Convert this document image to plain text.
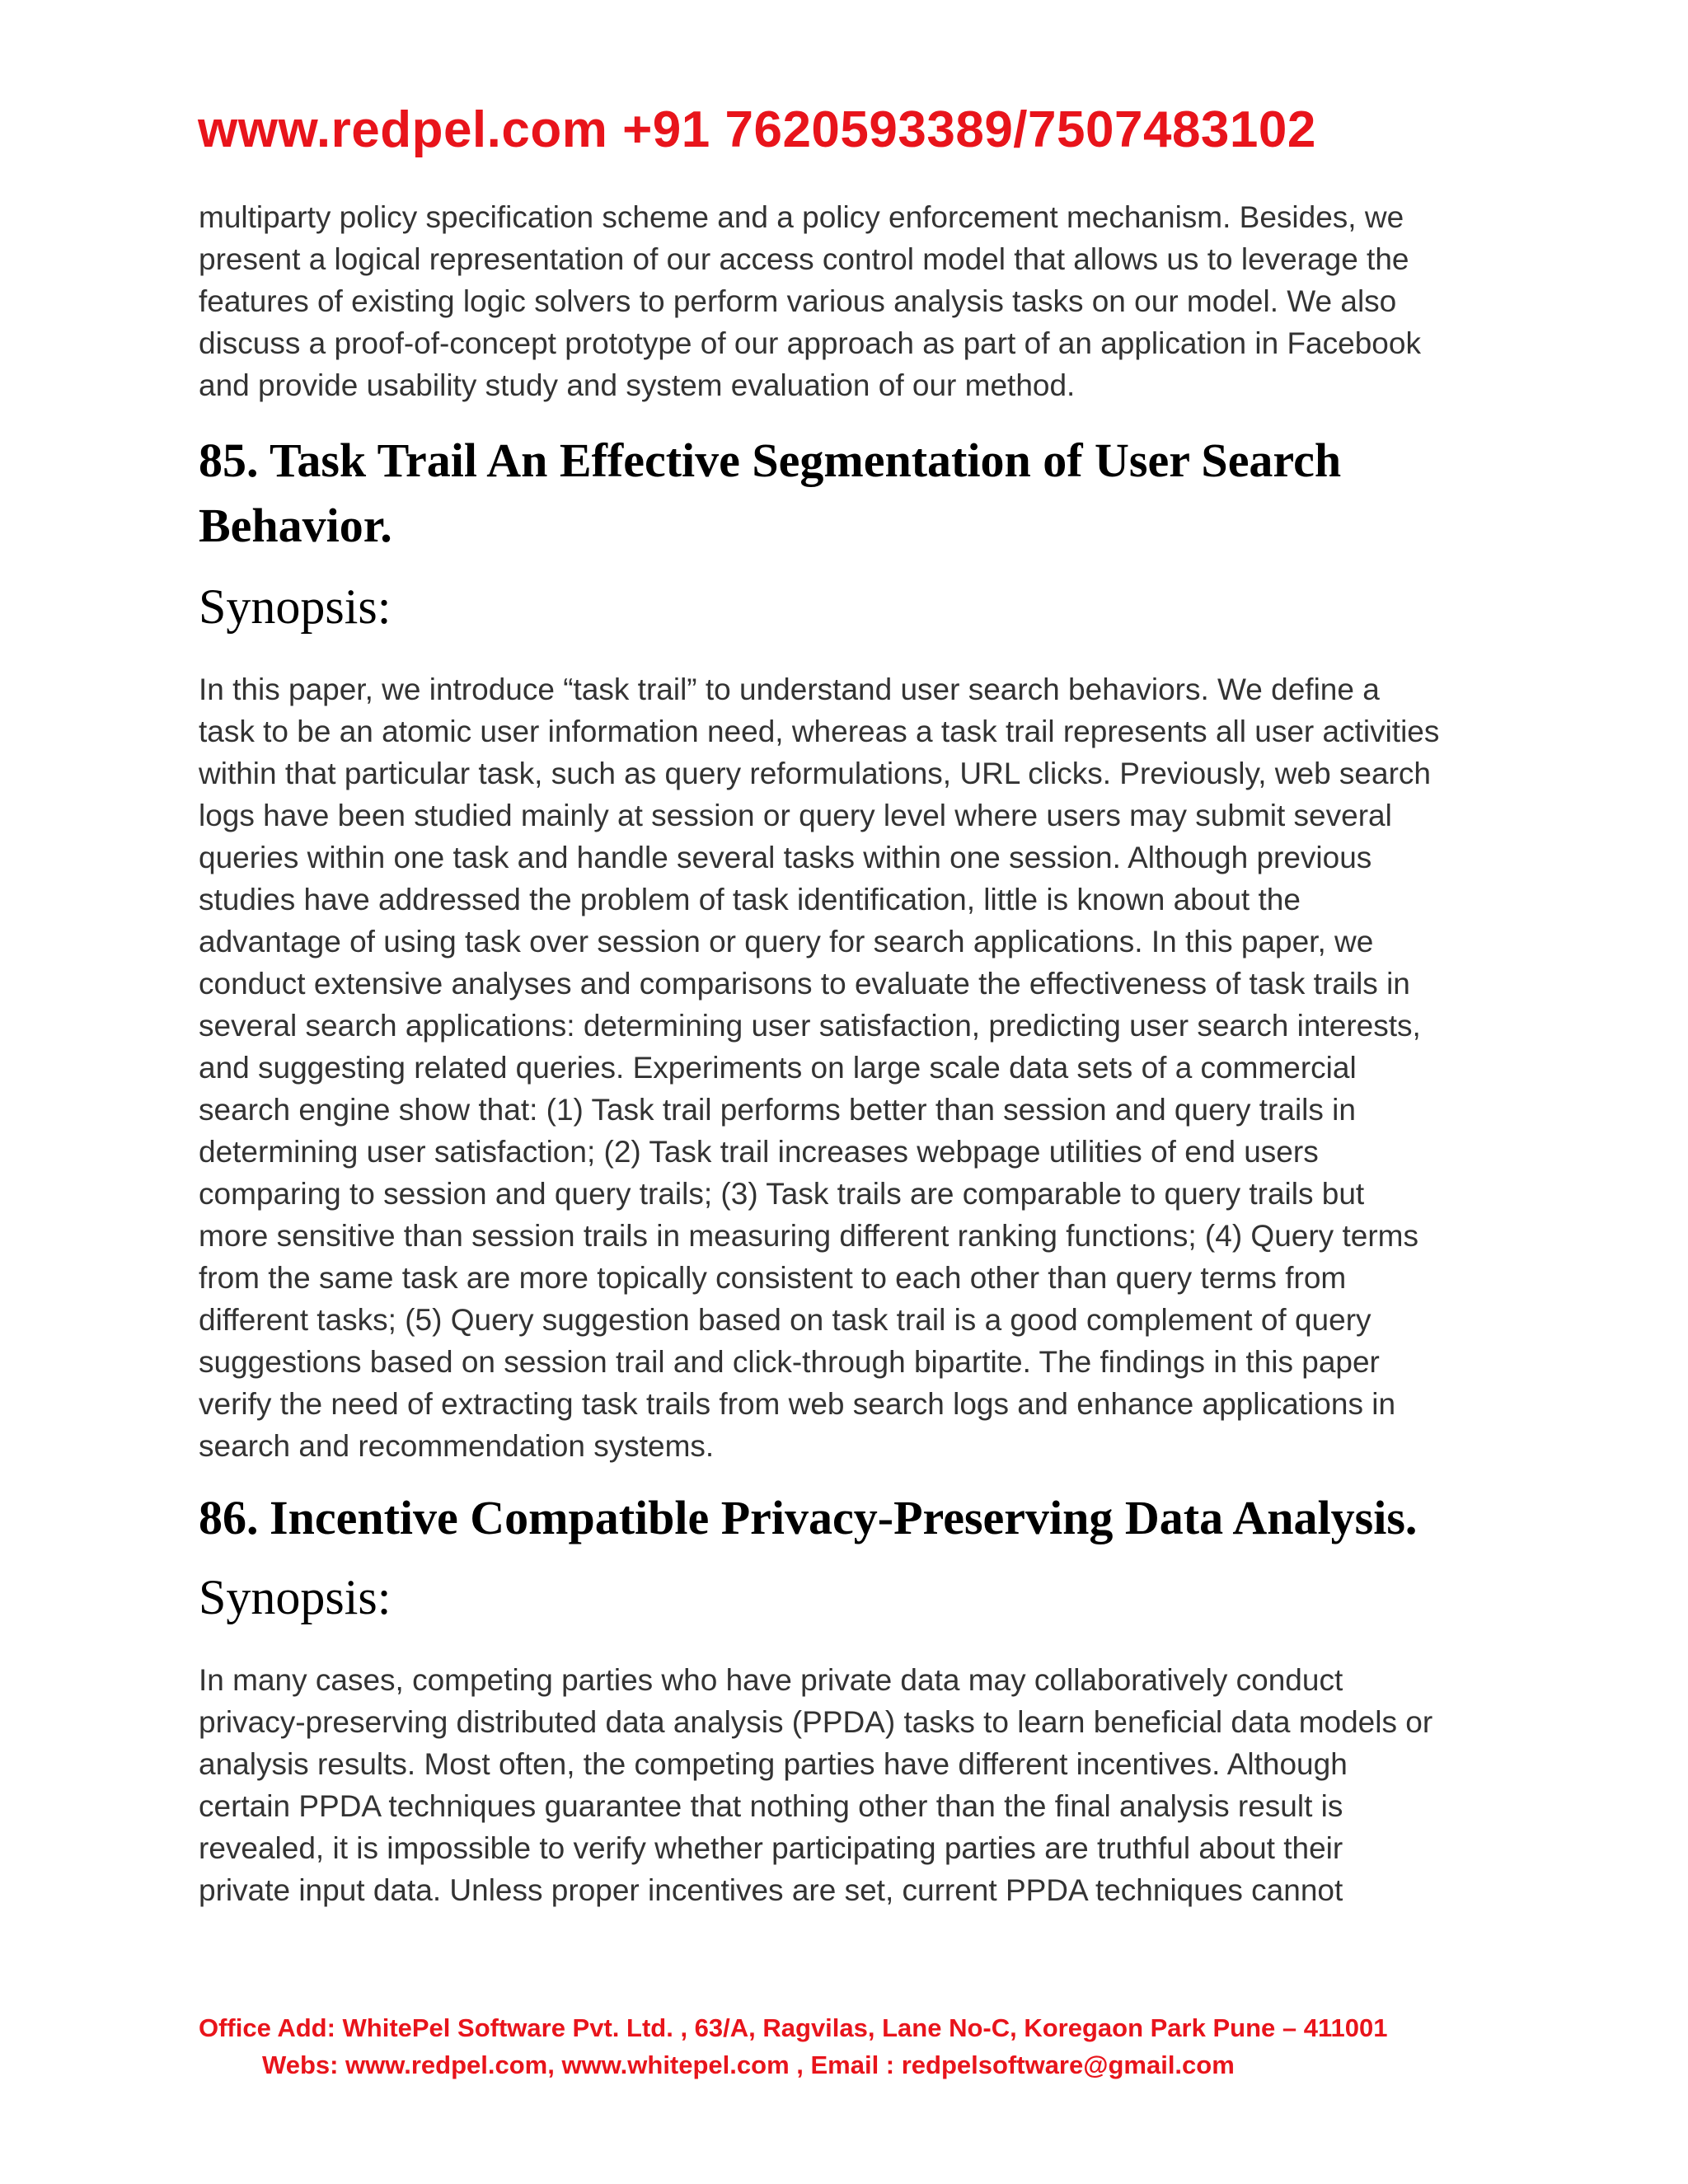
www.redpel.com +91 7620593389/7507483102
multiparty policy specification scheme and a policy enforcement mechanism. Besides, we
present a logical representation of our access control model that allows us to leverage the
features of existing logic solvers to perform various analysis tasks on our model. We also
discuss a proof-of-concept prototype of our approach as part of an application in Facebook
and provide usability study and system evaluation of our method.
85. Task Trail An Effective Segmentation of User Search
Behavior.
Synopsis:
In this paper, we introduce “task trail” to understand user search behaviors. We define a
task to be an atomic user information need, whereas a task trail represents all user activities
within that particular task, such as query reformulations, URL clicks. Previously, web search
logs have been studied mainly at session or query level where users may submit several
queries within one task and handle several tasks within one session. Although previous
studies have addressed the problem of task identification, little is known about the
advantage of using task over session or query for search applications. In this paper, we
conduct extensive analyses and comparisons to evaluate the effectiveness of task trails in
several search applications: determining user satisfaction, predicting user search interests,
and suggesting related queries. Experiments on large scale data sets of a commercial
search engine show that: (1) Task trail performs better than session and query trails in
determining user satisfaction; (2) Task trail increases webpage utilities of end users
comparing to session and query trails; (3) Task trails are comparable to query trails but
more sensitive than session trails in measuring different ranking functions; (4) Query terms
from the same task are more topically consistent to each other than query terms from
different tasks; (5) Query suggestion based on task trail is a good complement of query
suggestions based on session trail and click-through bipartite. The findings in this paper
verify the need of extracting task trails from web search logs and enhance applications in
search and recommendation systems.
86. Incentive Compatible Privacy-Preserving Data Analysis.
Synopsis:
In many cases, competing parties who have private data may collaboratively conduct
privacy-preserving distributed data analysis (PPDA) tasks to learn beneficial data models or
analysis results. Most often, the competing parties have different incentives. Although
certain PPDA techniques guarantee that nothing other than the final analysis result is
revealed, it is impossible to verify whether participating parties are truthful about their
private input data. Unless proper incentives are set, current PPDA techniques cannot
Office Add: WhitePel Software Pvt. Ltd. , 63/A, Ragvilas, Lane No-C, Koregaon Park Pune – 411001
Webs: www.redpel.com, www.whitepel.com , Email : redpelsoftware@gmail.com
